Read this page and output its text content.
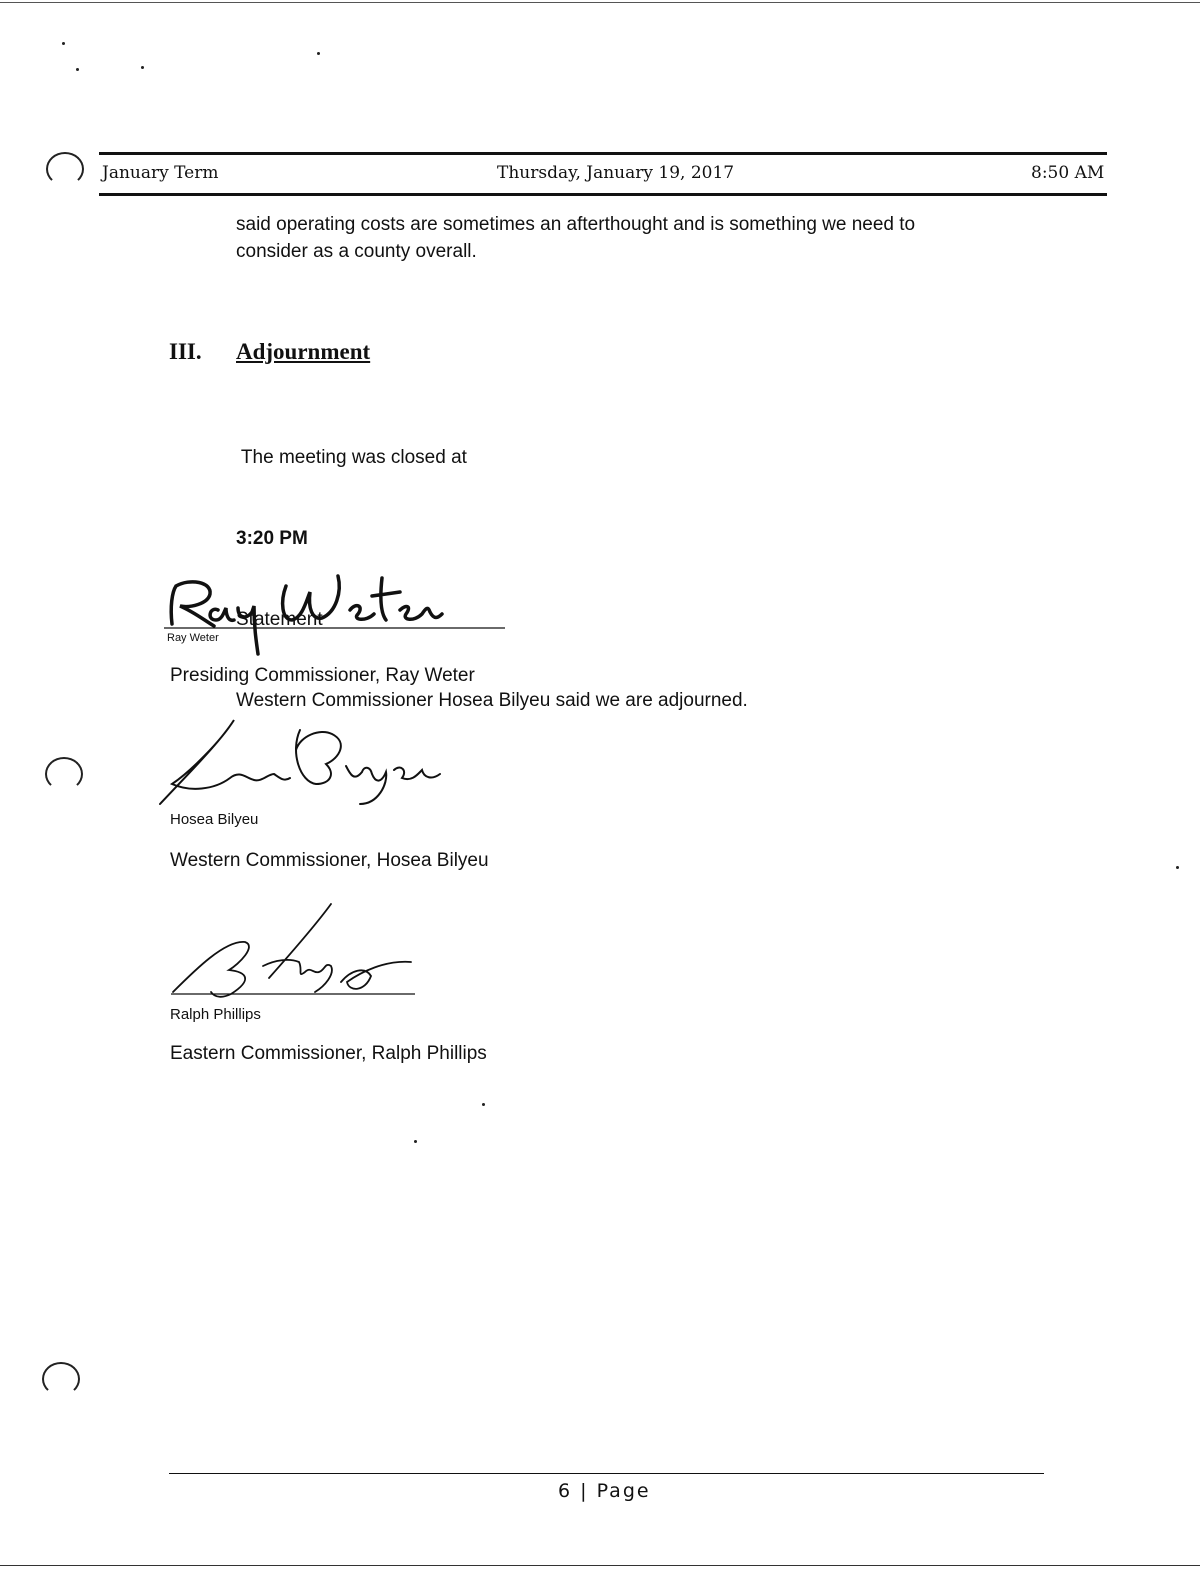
January Term	Thursday, January 19, 2017	8:50 AM
said operating costs are sometimes an afterthought and is something we need to
consider as a county overall.
III. Adjournment

The meeting was closed at

3:20 PM

Statement

Western Commissioner Hosea Bilyeu said we are adjourned.

Ray Weter
Presiding Commissioner, Ray Weter
Hosea Bilyeu
Western Commissioner, Hosea Bilyeu
Ralph Phillips
Eastern Commissioner, Ralph Phillips
6 | Page
